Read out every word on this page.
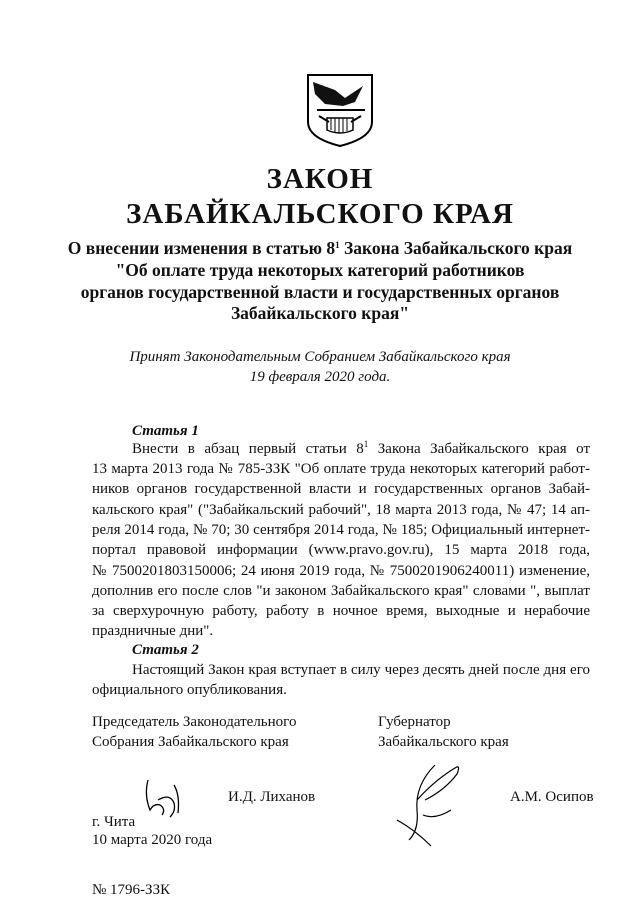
ЗАКОН
ЗАБАЙКАЛЬСКОГО КРАЯ
О внесении изменения в статью $8^1$ Закона Забайкальского края
"Об оплате труда некоторых категорий работников
органов государственной власти и государственных органов
Забайкальского края"
Принят Законодательным Собранием Забайкальского края
19 февраля 2020 года.
Статья 1
Внести в абзац первый статьи $8^1$ Закона Забайкальского края от
13 марта 2013 года № 785-ЗЗК "Об оплате труда некоторых категорий работ-
ников органов государственной власти и государственных органов Забай-
кальского края" ("Забайкальский рабочий", 18 марта 2013 года, № 47; 14 ап-
реля 2014 года, № 70; 30 сентября 2014 года, № 185; Официальный интернет-
портал правовой информации (www.pravo.gov.ru), 15 марта 2018 года,
№ 7500201803150006; 24 июня 2019 года, № 7500201906240011) изменение,
дополнив его после слов "и законом Забайкальского края" словами ", выплат
за сверхурочную работу, работу в ночное время, выходные и нерабочие
праздничные дни".
Статья 2
Настоящий Закон края вступает в силу через десять дней после дня его
официального опубликования.
Председатель Законодательного
Собрания Забайкальского края
Губернатор
Забайкальского края
И.Д. Лиханов	А.М. Осипов
г. Чита
10 марта 2020 года
№ 1796-ЗЗК
